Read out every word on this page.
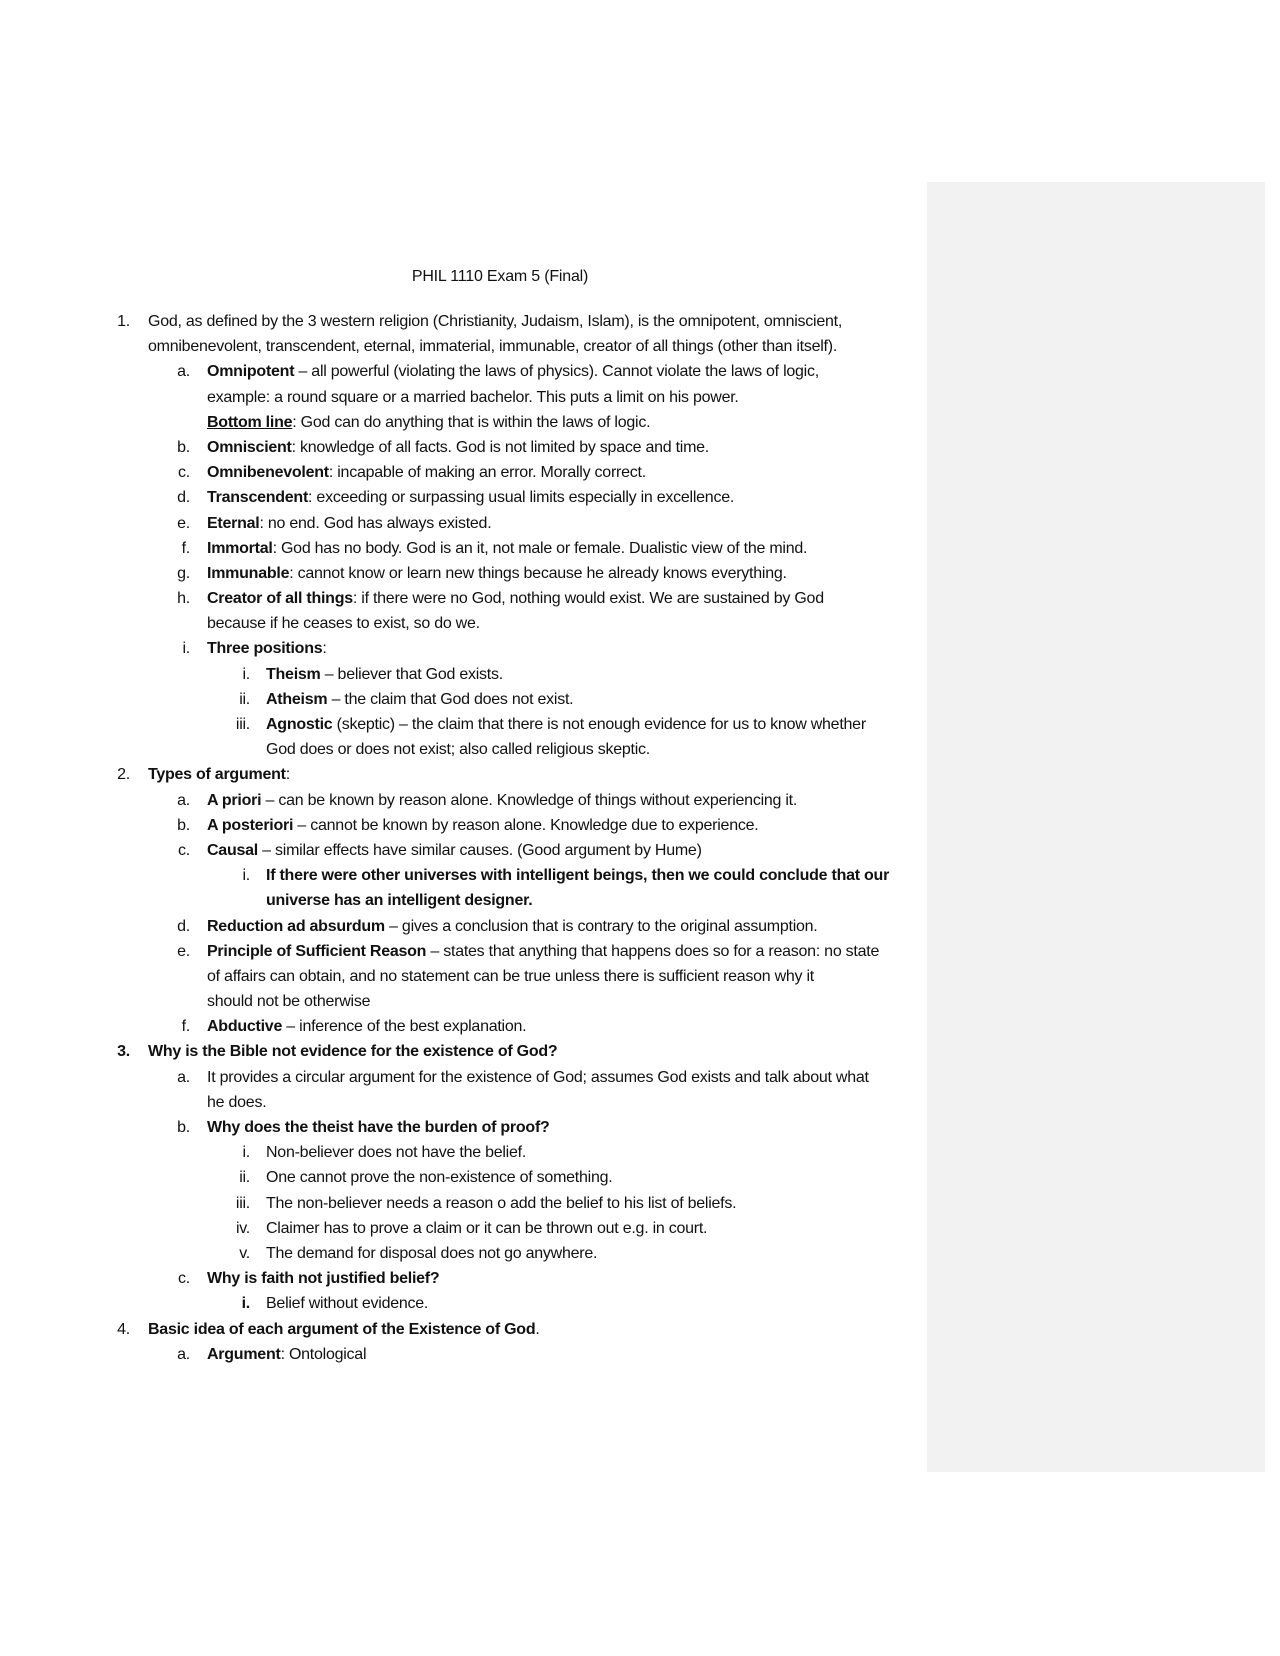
PHIL 1110 Exam 5 (Final)
1. God, as defined by the 3 western religion (Christianity, Judaism, Islam), is the omnipotent, omniscient,
omnibenevolent, transcendent, eternal, immaterial, immunable, creator of all things (other than itself).
a. Omnipotent – all powerful (violating the laws of physics). Cannot violate the laws of logic,
example: a round square or a married bachelor. This puts a limit on his power.
Bottom line: God can do anything that is within the laws of logic.
b. Omniscient: knowledge of all facts. God is not limited by space and time.
c. Omnibenevolent: incapable of making an error. Morally correct.
d. Transcendent: exceeding or surpassing usual limits especially in excellence.
e. Eternal: no end. God has always existed.
f. Immortal: God has no body. God is an it, not male or female. Dualistic view of the mind.
g. Immunable: cannot know or learn new things because he already knows everything.
h. Creator of all things: if there were no God, nothing would exist. We are sustained by God
because if he ceases to exist, so do we.
i. Three positions:
i. Theism – believer that God exists.
ii. Atheism – the claim that God does not exist.
iii. Agnostic (skeptic) – the claim that there is not enough evidence for us to know whether
God does or does not exist; also called religious skeptic.
2. Types of argument:
a. A priori – can be known by reason alone. Knowledge of things without experiencing it.
b. A posteriori – cannot be known by reason alone. Knowledge due to experience.
c. Causal – similar effects have similar causes. (Good argument by Hume)
i. If there were other universes with intelligent beings, then we could conclude that our
universe has an intelligent designer.
d. Reduction ad absurdum – gives a conclusion that is contrary to the original assumption.
e. Principle of Sufficient Reason – states that anything that happens does so for a reason: no state
of affairs can obtain, and no statement can be true unless there is sufficient reason why it
should not be otherwise
f. Abductive – inference of the best explanation.
3. Why is the Bible not evidence for the existence of God?
a. It provides a circular argument for the existence of God; assumes God exists and talk about what
he does.
b. Why does the theist have the burden of proof?
i. Non-believer does not have the belief.
ii. One cannot prove the non-existence of something.
iii. The non-believer needs a reason o add the belief to his list of beliefs.
iv. Claimer has to prove a claim or it can be thrown out e.g. in court.
v. The demand for disposal does not go anywhere.
c. Why is faith not justified belief?
i. Belief without evidence.
4. Basic idea of each argument of the Existence of God.
a. Argument: Ontological
